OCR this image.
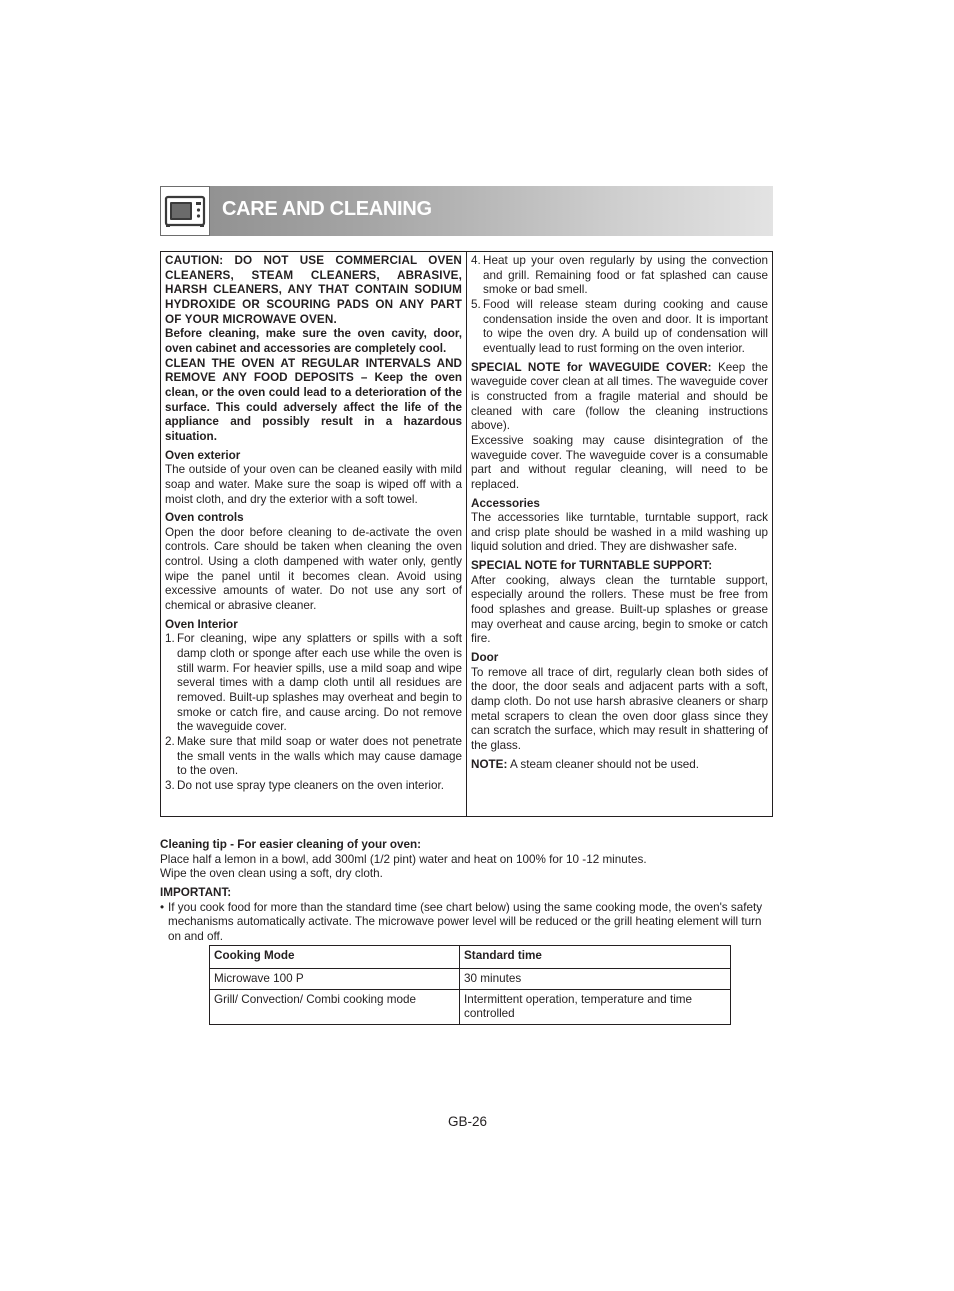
CARE AND CLEANING

CAUTION: DO NOT USE COMMERCIAL OVEN CLEANERS, STEAM CLEANERS, ABRASIVE, HARSH CLEANERS, ANY THAT CONTAIN SODIUM HYDROXIDE OR SCOURING PADS ON ANY PART OF YOUR MICROWAVE OVEN.

Before cleaning, make sure the oven cavity, door, oven cabinet and accessories are completely cool.

CLEAN THE OVEN AT REGULAR INTERVALS AND REMOVE ANY FOOD DEPOSITS – Keep the oven clean, or the oven could lead to a deterioration of the surface. This could adversely affect the life of the appliance and possibly result in a hazardous situation.

Oven exterior

The outside of your oven can be cleaned easily with mild soap and water. Make sure the soap is wiped off with a moist cloth, and dry the exterior with a soft towel.

Oven controls

Open the door before cleaning to de-activate the oven controls. Care should be taken when cleaning the oven control. Using a cloth dampened with water only, gently wipe the panel until it becomes clean. Avoid using excessive amounts of water. Do not use any sort of chemical or abrasive cleaner.

Oven Interior

1. For cleaning, wipe any splatters or spills with a soft damp cloth or sponge after each use while the oven is still warm. For heavier spills, use a mild soap and wipe several times with a damp cloth until all residues are removed. Built-up splashes may overheat and begin to smoke or catch fire, and cause arcing. Do not remove the waveguide cover.
2. Make sure that mild soap or water does not penetrate the small vents in the walls which may cause damage to the oven.
3. Do not use spray type cleaners on the oven interior.
4. Heat up your oven regularly by using the convection and grill. Remaining food or fat splashed can cause smoke or bad smell.
5. Food will release steam during cooking and cause condensation inside the oven and door. It is important to wipe the oven dry. A build up of condensation will eventually lead to rust forming on the oven interior.

SPECIAL NOTE for WAVEGUIDE COVER: Keep the waveguide cover clean at all times. The waveguide cover is constructed from a fragile material and should be cleaned with care (follow the cleaning instructions above).

Excessive soaking may cause disintegration of the waveguide cover. The waveguide cover is a consumable part and without regular cleaning, will need to be replaced.

Accessories

The accessories like turntable, turntable support, rack and crisp plate should be washed in a mild washing up liquid solution and dried. They are dishwasher safe.

SPECIAL NOTE for TURNTABLE SUPPORT:

After cooking, always clean the turntable support, especially around the rollers. These must be free from food splashes and grease. Built-up splashes or grease may overheat and cause arcing, begin to smoke or catch fire.

Door

To remove all trace of dirt, regularly clean both sides of the door, the door seals and adjacent parts with a soft, damp cloth. Do not use harsh abrasive cleaners or sharp metal scrapers to clean the oven door glass since they can scratch the surface, which may result in shattering of the glass.

NOTE: A steam cleaner should not be used.

Cleaning tip - For easier cleaning of your oven:

Place half a lemon in a bowl, add 300ml (1/2 pint) water and heat on 100% for 10 -12 minutes.

Wipe the oven clean using a soft, dry cloth.

IMPORTANT:

• If you cook food for more than the standard time (see chart below) using the same cooking mode, the oven's safety mechanisms automatically activate. The microwave power level will be reduced or the grill heating element will turn on and off.
Cooking Mode	Standard time
Microwave 100 P	30 minutes
Grill/ Convection/ Combi cooking mode	Intermittent operation, temperature and time controlled
GB-26
